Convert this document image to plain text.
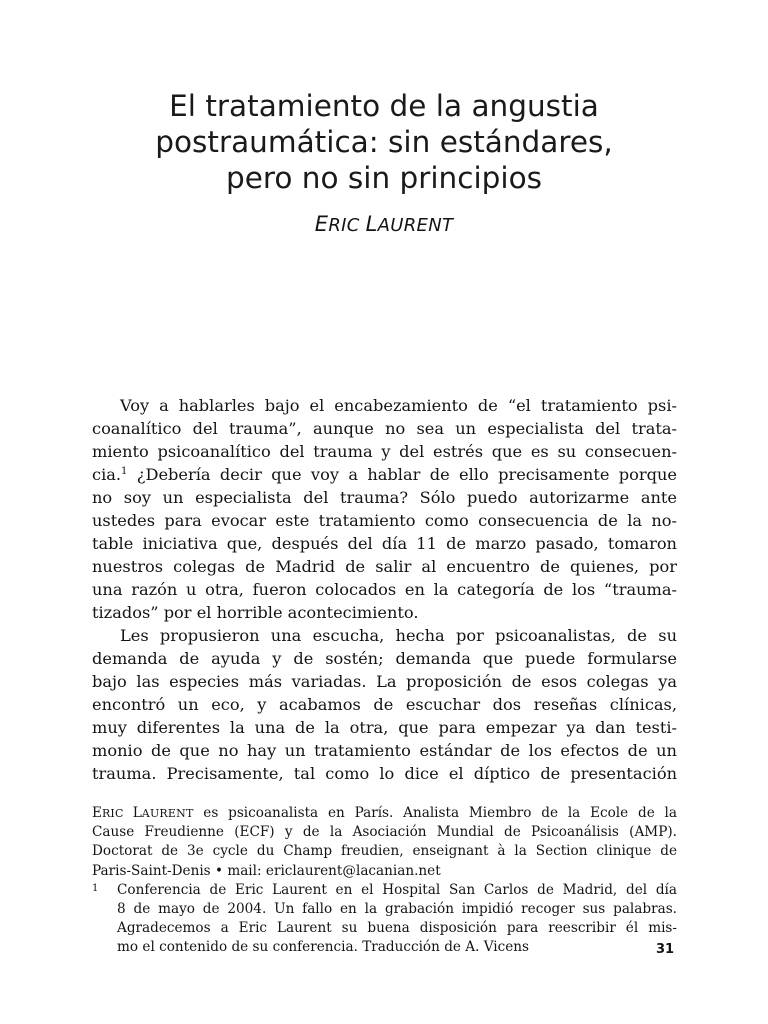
El tratamiento de la angustia
postraumática: sin estándares,
pero no sin principios
ERIC LAURENT
Voy a hablarles bajo el encabezamiento de “el tratamiento psi-
coanalítico del trauma”, aunque no sea un especialista del trata-
miento psicoanalítico del trauma y del estrés que es su consecuen-
cia.$^1$ ¿Debería decir que voy a hablar de ello precisamente porque
no soy un especialista del trauma? Sólo puedo autorizarme ante
ustedes para evocar este tratamiento como consecuencia de la no-
table iniciativa que, después del día 11 de marzo pasado, tomaron
nuestros colegas de Madrid de salir al encuentro de quienes, por
una razón u otra, fueron colocados en la categoría de los “trauma-
tizados” por el horrible acontecimiento.
Les propusieron una escucha, hecha por psicoanalistas, de su
demanda de ayuda y de sostén; demanda que puede formularse
bajo las especies más variadas. La proposición de esos colegas ya
encontró un eco, y acabamos de escuchar dos reseñas clínicas,
muy diferentes la una de la otra, que para empezar ya dan testi-
monio de que no hay un tratamiento estándar de los efectos de un
trauma. Precisamente, tal como lo dice el díptico de presentación
ERIC LAURENT es psicoanalista en París. Analista Miembro de la Ecole de la
Cause Freudienne (ECF) y de la Asociación Mundial de Psicoanálisis (AMP).
Doctorat de 3e cycle du Champ freudien, enseignant à la Section clinique de
Paris-Saint-Denis • mail: ericlaurent@lacanian.net
1	Conferencia de Eric Laurent en el Hospital San Carlos de Madrid, del día
8 de mayo de 2004. Un fallo en la grabación impidió recoger sus palabras.
Agradecemos a Eric Laurent su buena disposición para reescribir él mis-
mo el contenido de su conferencia. Traducción de A. Vicens	31
